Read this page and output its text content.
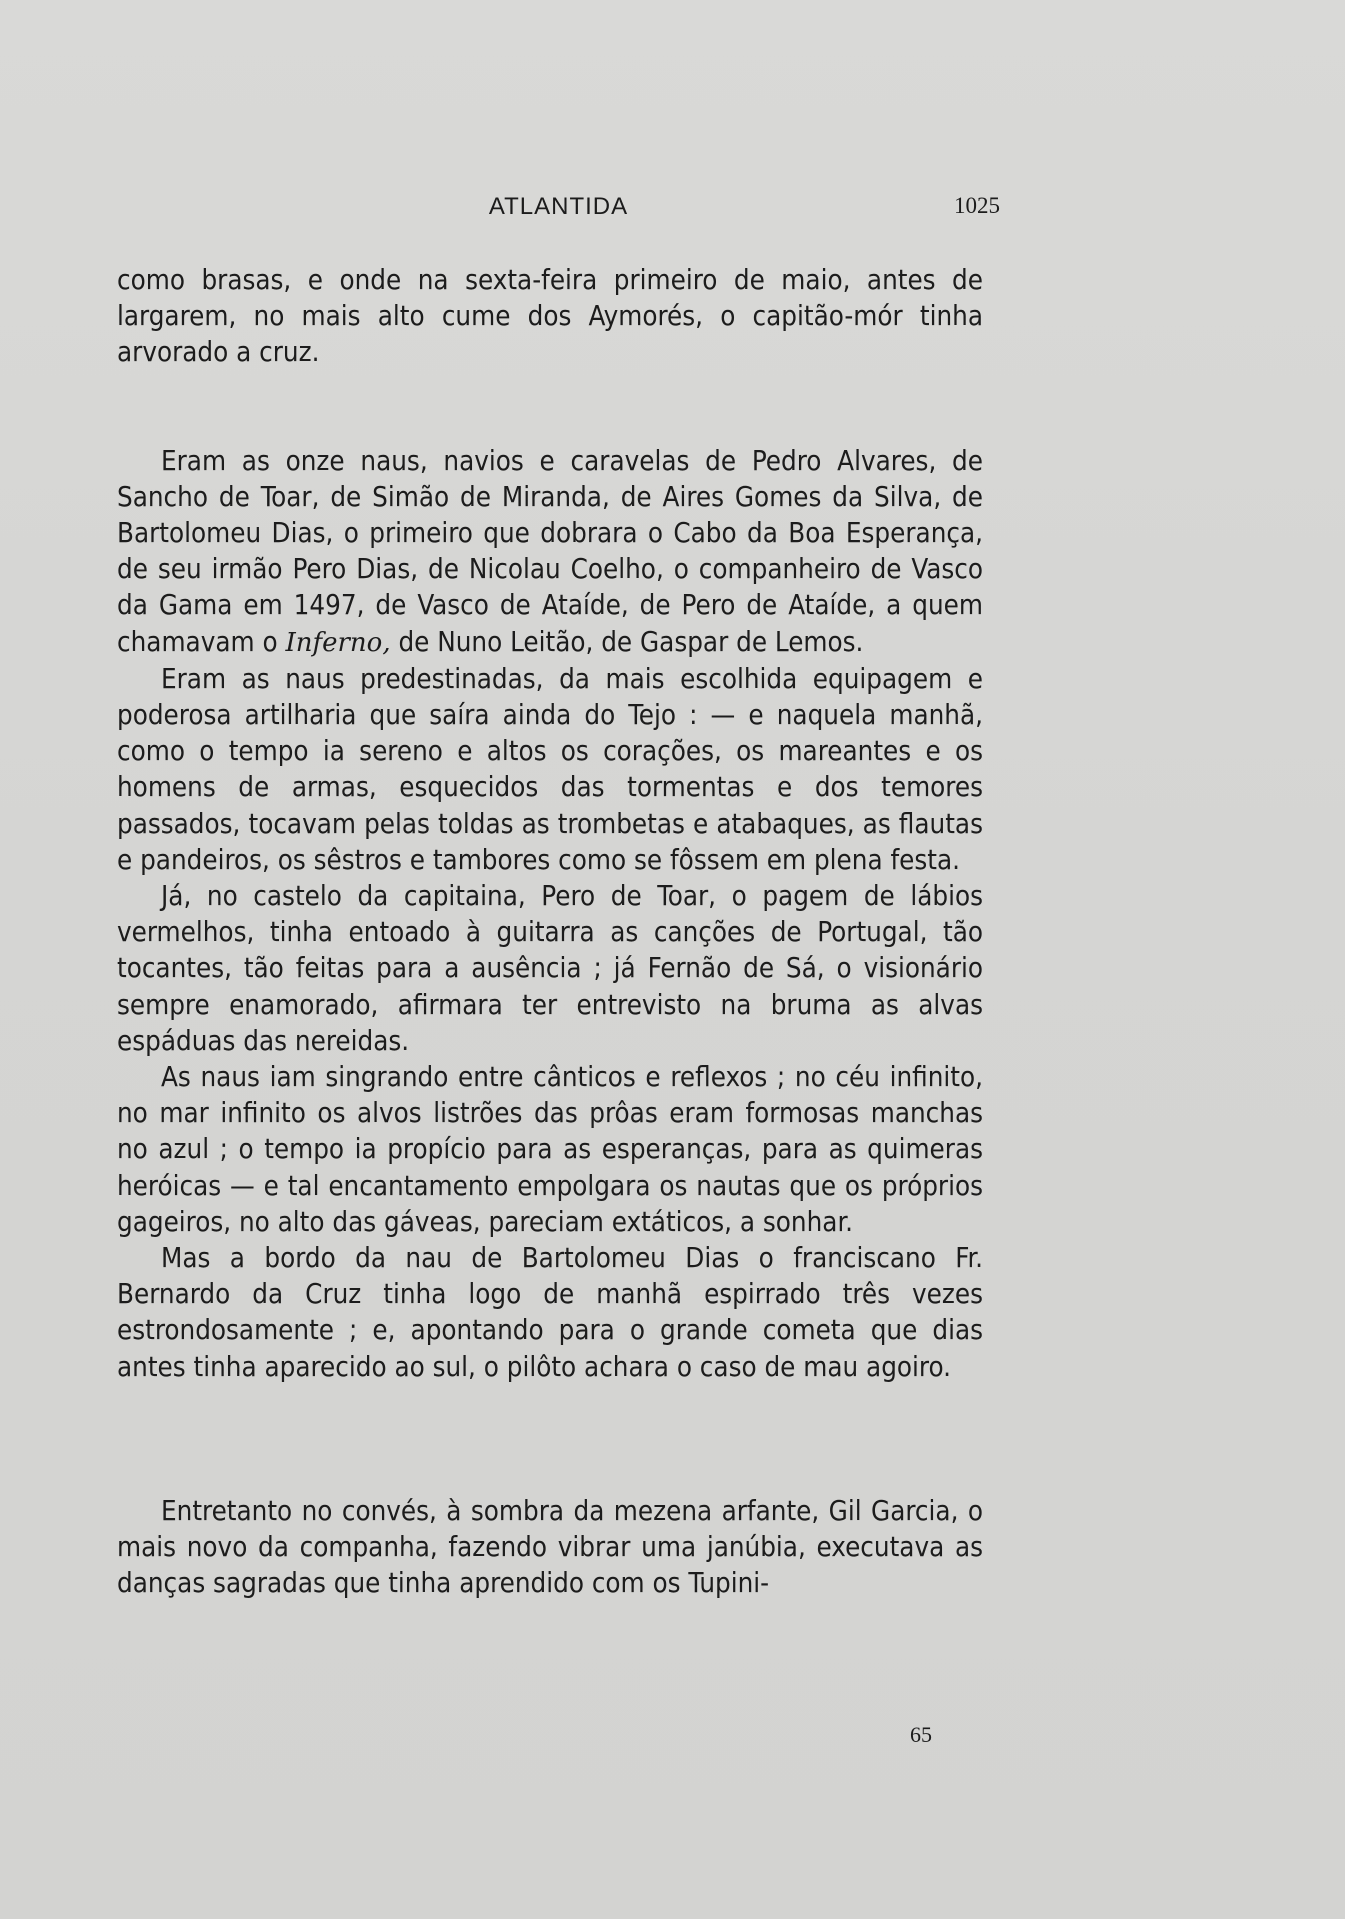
ATLANTIDA	1025

como brasas, e onde na sexta-feira primeiro de maio, antes de largarem, no mais alto cume dos Aymorés, o capitão-mór tinha arvorado a cruz.

Eram as onze naus, navios e caravelas de Pedro Alvares, de Sancho de Toar, de Simão de Miranda, de Aires Gomes da Silva, de Bartolomeu Dias, o primeiro que dobrara o Cabo da Boa Esperança, de seu irmão Pero Dias, de Nicolau Coelho, o companheiro de Vasco da Gama em 1497, de Vasco de Ataíde, de Pero de Ataíde, a quem chamavam o Inferno, de Nuno Leitão, de Gaspar de Lemos.

Eram as naus predestinadas, da mais escolhida equipagem e poderosa artilharia que saíra ainda do Tejo : — e naquela manhã, como o tempo ia sereno e altos os corações, os mareantes e os homens de armas, esquecidos das tormentas e dos temores passados, tocavam pelas toldas as trombetas e atabaques, as flautas e pandeiros, os sêstros e tambores como se fôssem em plena festa.

Já, no castelo da capitaina, Pero de Toar, o pagem de lábios vermelhos, tinha entoado à guitarra as canções de Portugal, tão tocantes, tão feitas para a ausência ; já Fernão de Sá, o visionário sempre enamorado, afirmara ter entrevisto na bruma as alvas espáduas das nereidas.

As naus iam singrando entre cânticos e reflexos ; no céu infinito, no mar infinito os alvos listrões das prôas eram formosas manchas no azul ; o tempo ia propício para as esperanças, para as quimeras heróicas — e tal encantamento empolgara os nautas que os próprios gageiros, no alto das gáveas, pareciam extáticos, a sonhar.

Mas a bordo da nau de Bartolomeu Dias o franciscano Fr. Bernardo da Cruz tinha logo de manhã espirrado três vezes estrondosamente ; e, apontando para o grande cometa que dias antes tinha aparecido ao sul, o pilôto achara o caso de mau agoiro.

Entretanto no convés, à sombra da mezena arfante, Gil Garcia, o mais novo da companha, fazendo vibrar uma janúbia, executava as danças sagradas que tinha aprendido com os Tupini-

65
